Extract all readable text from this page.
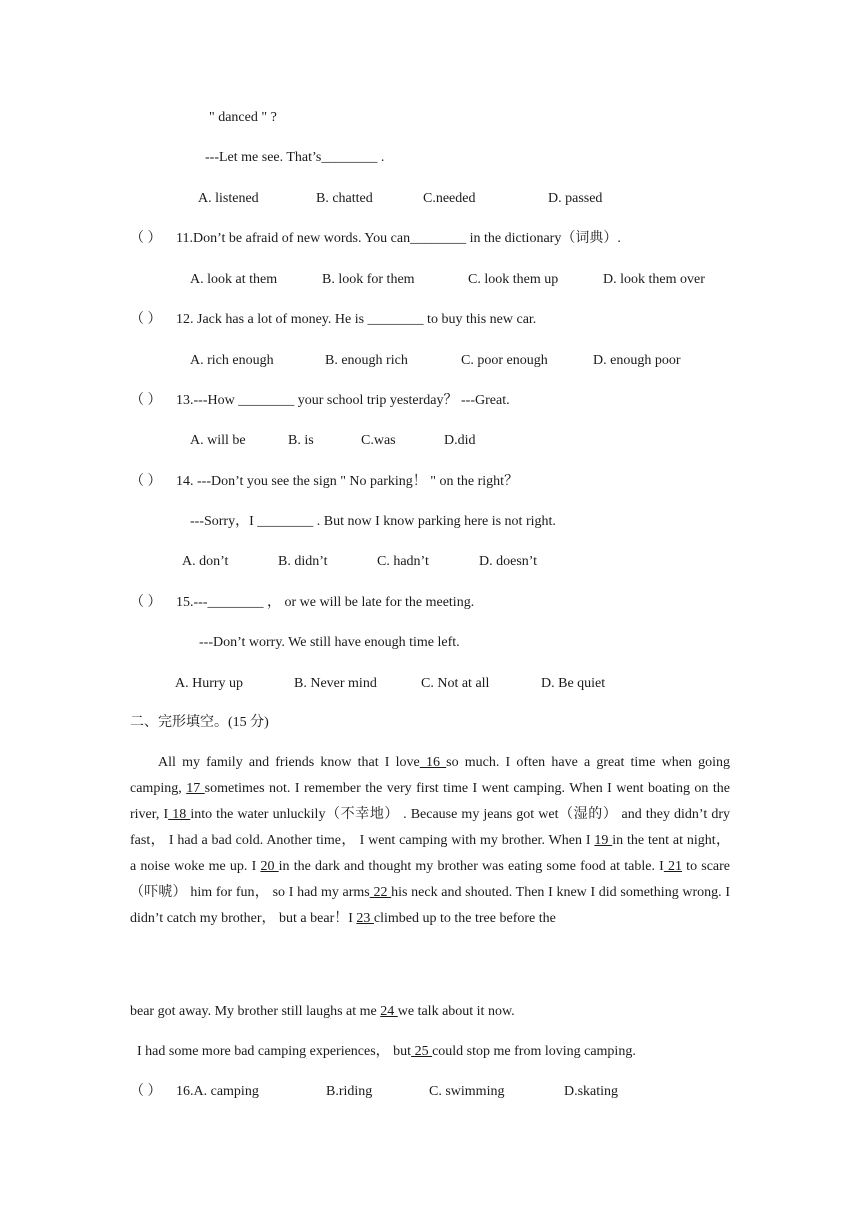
" danced " ?
---Let me see. That’s________ .
A. listened	B. chatted	C.needed	D. passed
（ ） 11.Don’t be afraid of new words. You can________ in the dictionary（词典）.
A. look at them	B. look for them	C. look them up	D. look them over
（ ） 12. Jack has a lot of money. He is ________ to buy this new car.
A. rich enough	B. enough rich	C. poor enough	D. enough poor
（ ） 13.---How ________ your school trip yesterday？ ---Great.
A. will be	B. is	C.was	D.did
（ ） 14. ---Don’t you see the sign " No parking！ " on the right？
---Sorry，I ________ . But now I know parking here is not right.
A. don’t	B. didn’t	C. hadn’t	D. doesn’t
（ ） 15.---________ ， or we will be late for the meeting.
---Don’t worry. We still have enough time left.
A. Hurry up	B. Never mind	C. Not at all	D. Be quiet
二、完形填空。(15 分)
All my family and friends know that I love 16 so much. I often have a great time when going camping, 17 sometimes not. I remember the very first time I went camping. When I went boating on the river, I 18 into the water unluckily（不幸地） . Because my jeans got wet（湿的） and they didn’t dry fast， I had a bad cold. Another time， I went camping with my brother. When I 19 in the tent at night， a noise woke me up. I 20 in the dark and thought my brother was eating some food at table. I 21 to scare（吓唬） him for fun， so I had my arms 22 his neck and shouted. Then I knew I did something wrong. I didn’t catch my brother， but a bear！I 23 climbed up to the tree before the
bear got away. My brother still laughs at me 24 we talk about it now.
I had some more bad camping experiences， but 25 could stop me from loving camping.
（ ） 16.A. camping	B.riding	C. swimming	D.skating
